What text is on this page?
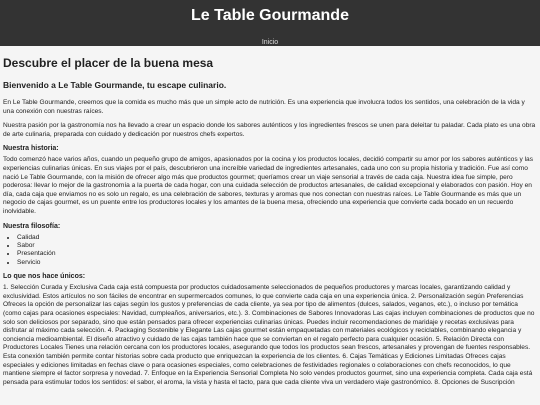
Le Table Gourmande
Inicio
Descubre el placer de la buena mesa
Bienvenido a Le Table Gourmande, tu escape culinario.

En Le Table Gourmande, creemos que la comida es mucho más que un simple acto de nutrición. Es una experiencia que involucra todos los sentidos, una celebración de la vida y una conexión con nuestras raíces.

Nuestra pasión por la gastronomía nos ha llevado a crear un espacio donde los sabores auténticos y los ingredientes frescos se unen para deleitar tu paladar. Cada plato es una obra de arte culinaria, preparada con cuidado y dedicación por nuestros chefs expertos.

Nuestra historia:

Todo comenzó hace varios años, cuando un pequeño grupo de amigos, apasionados por la cocina y los productos locales, decidió compartir su amor por los sabores auténticos y las experiencias culinarias únicas. En sus viajes por el país, descubrieron una increíble variedad de ingredientes artesanales, cada uno con su propia historia y tradición. Fue así como nació Le Table Gourmande, con la misión de ofrecer algo más que productos gourmet; queríamos crear un viaje sensorial a través de cada caja. Nuestra idea fue simple, pero poderosa: llevar lo mejor de la gastronomía a la puerta de cada hogar, con una cuidada selección de productos artesanales, de calidad excepcional y elaborados con pasión. Hoy en día, cada caja que enviamos no es solo un regalo, es una celebración de sabores, texturas y aromas que nos conectan con nuestras raíces. Le Table Gourmande es más que un negocio de cajas gourmet, es un puente entre los productores locales y los amantes de la buena mesa, ofreciendo una experiencia que convierte cada bocado en un recuerdo inolvidable.

Nuestra filosofía:
• Calidad
• Sabor
• Presentación
• Servicio
Lo que nos hace únicos:

1. Selección Curada y Exclusiva Cada caja está compuesta por productos cuidadosamente seleccionados de pequeños productores y marcas locales, garantizando calidad y exclusividad. Estos artículos no son fáciles de encontrar en supermercados comunes, lo que convierte cada caja en una experiencia única. 2. Personalización según Preferencias Ofreces la opción de personalizar las cajas según los gustos y preferencias de cada cliente, ya sea por tipo de alimentos (dulces, salados, veganos, etc.), o incluso por temática (como cajas para ocasiones especiales: Navidad, cumpleaños, aniversarios, etc.). 3. Combinaciones de Sabores Innovadoras Las cajas incluyen combinaciones de productos que no solo son deliciosos por separado, sino que están pensados para ofrecer experiencias culinarias únicas. Puedes incluir recomendaciones de maridaje y recetas exclusivas para disfrutar al máximo cada selección. 4. Packaging Sostenible y Elegante Las cajas gourmet están empaquetadas con materiales ecológicos y reciclables, combinando elegancia y conciencia medioambiental. El diseño atractivo y cuidado de las cajas también hace que se conviertan en el regalo perfecto para cualquier ocasión. 5. Relación Directa con Productores Locales Tienes una relación cercana con los productores locales, asegurando que todos los productos sean frescos, artesanales y provengan de fuentes responsables. Esta conexión también permite contar historias sobre cada producto que enriquezcan la experiencia de los clientes. 6. Cajas Temáticas y Ediciones Limitadas Ofreces cajas especiales y ediciones limitadas en fechas clave o para ocasiones especiales, como celebraciones de festividades regionales o colaboraciones con chefs reconocidos, lo que mantiene siempre el factor sorpresa y novedad. 7. Enfoque en la Experiencia Sensorial Completa No solo vendes productos gourmet, sino una experiencia completa. Cada caja está pensada para estimular todos los sentidos: el sabor, el aroma, la vista y hasta el tacto, para que cada cliente viva un verdadero viaje gastronómico. 8. Opciones de Suscripción
